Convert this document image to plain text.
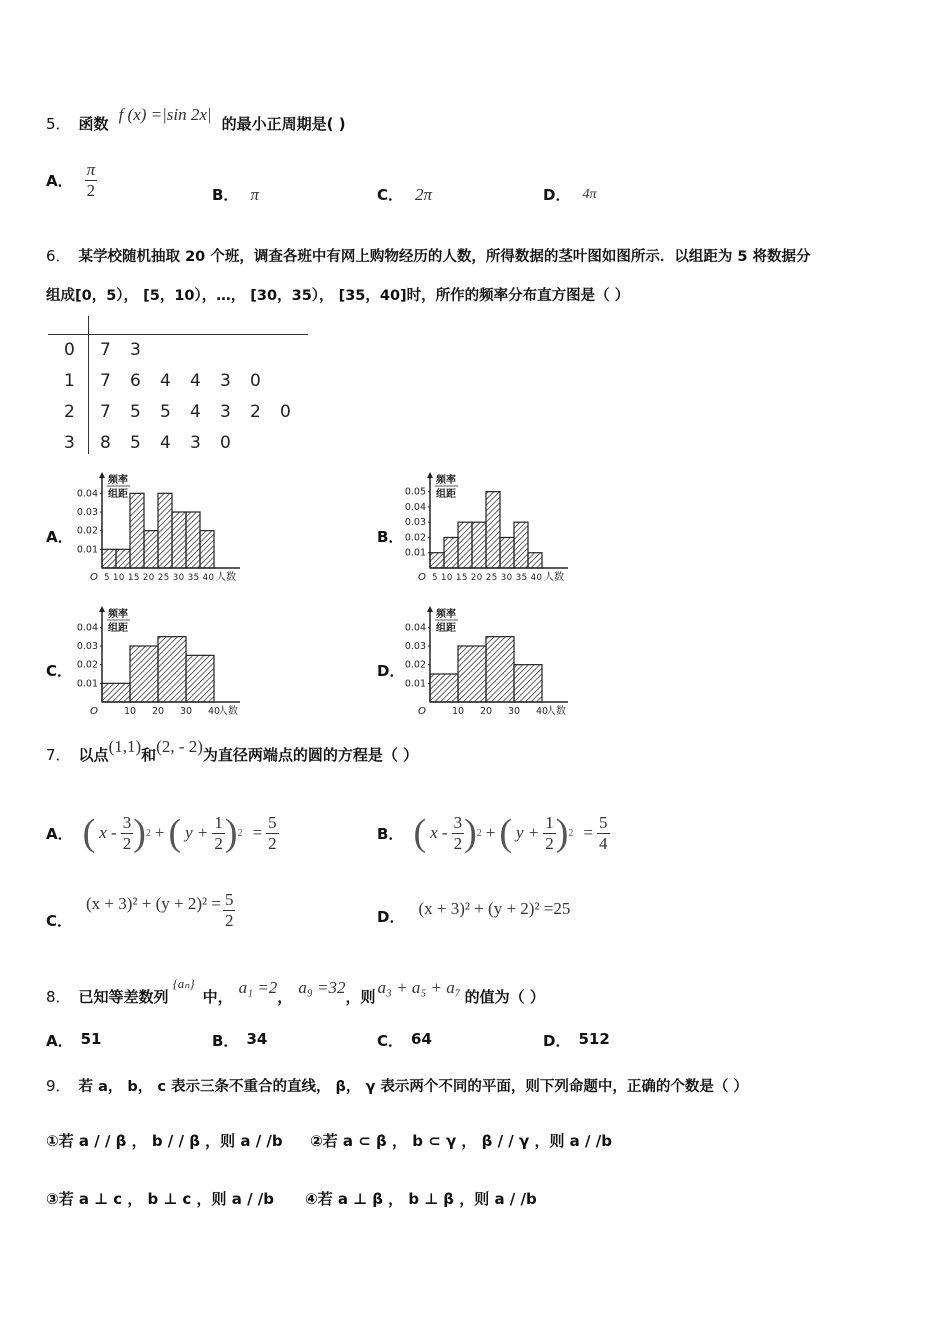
5． 函数 f (x) =|sin 2x| 的最小正周期是( )
A． $\frac{\pi}{2}$	B． π	C． 2π	D． 4π
6． 某学校随机抽取 20 个班，调查各班中有网上购物经历的人数，所得数据的茎叶图如图所示．以组距为 5 将数据分
组成[0，5）， [5，10），…， [30，35）， [35，40]时，所作的频率分布直方图是（ ）
0	7	3
1	7	6	4	4	3	0
2	7	5	5	4	3	2	0
3	8	5	4	3	0
A．	B．
C．	D．
0.04
0.03
0.02
0.01
频率
组距
O 5 10 15 20 25 30 35 40 人数
0.05
0.04
0.03
0.02
0.01
频率
组距
O 5 10 15 20 25 30 35 40 人数
0.04
0.03
0.02
0.01
频率
组距
O	10 20 30 40
人数
0.04
0.03
0.02
0.01
频率
组距
O	10 20 30 40
人数
7． 以点 (1,1) 和 (2, - 2) 为直径两端点的圆的方程是（ ）
A． ( x - $\frac{3}{2}$ ) 2 + ( $y + \frac{1}{2}$ ) $2 = \frac{5}{2}$	B． ( x - $\frac{3}{2}$ ) 2 + ( $y + \frac{1}{2}$ ) $2 = \frac{5}{4}$
C．
$(x + 3)^2 + (y + 2)^2 = \frac{5}{2}$	D． (x + 3)² + (y + 2)² =25
8． 已知等差数列
{aₙ}
中， a₁ =2 ， a₉ =32 ，则 a₃ + a₅ + a₇ 的值为（ ）
A． 51	B． 34	C． 64	D． 512
9． 若 a， b， c 表示三条不重合的直线， β， γ 表示两个不同的平面，则下列命题中，正确的个数是（ ）
①若 a / / β ， b / / β ，则 a / /b ②若 a ⊂ β ， b ⊂ γ ， β / / γ ，则 a / /b
③若 a ⊥ c ， b ⊥ c ，则 a / /b ④若 a ⊥ β ， b ⊥ β ，则 a / /b
